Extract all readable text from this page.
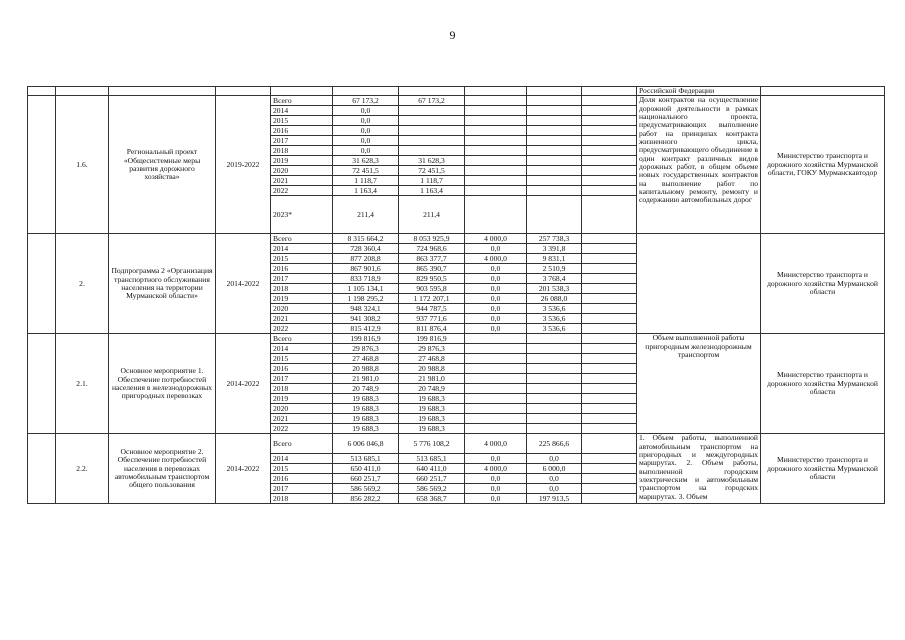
9
										Российской Федерации	
	1.6.	Региональный проект «Общесистемные меры развития дорожного хозяйства»	2019-2022	Всего	67 173,2	67 173,2				Доля контрактов на осуществление дорожной деятельности в рамках национального проекта, предусматривающих выполнение работ на принципах контракта жизненного цикла, предусматривающего объединение в один контракт различных видов дорожных работ, в общем объеме новых государственных контрактов на выполнение работ по капитальному ремонту, ремонту и содержанию автомобильных дорог	Министерство транспорта и дорожного хозяйства Мурманской области, ГОКУ Мурманскавтодор
				2014	0,0						
				2015	0,0						
				2016	0,0						
				2017	0,0						
				2018	0,0						
				2019	31 628,3	31 628,3					
				2020	72 451,5	72 451,5					
				2021	1 118,7	1 118,7					
				2022	1 163,4	1 163,4					
				2023*	211,4	211,4					
	2.	Подпрограмма 2 «Организация транспортного обслуживания населения на территории Мурманской области»	2014-2022	Всего	8 315 664,2	8 053 925,9	4 000,0	257 738,3			Министерство транспорта и дорожного хозяйства Мурманской области
				2014	728 360,4	724 968,6	0,0	3 391,8			
				2015	877 208,8	863 377,7	4 000,0	9 831,1			
				2016	867 901,6	865 390,7	0,0	2 510,9			
				2017	833 718,9	829 950,5	0,0	3 768,4			
				2018	1 105 134,1	903 595,8	0,0	201 538,3			
				2019	1 198 295,2	1 172 207,1	0,0	26 088,0			
				2020	948 324,1	944 787,5	0,0	3 536,6			
				2021	941 308,2	937 771,6	0,0	3 536,6			
				2022	815 412,9	811 876,4	0,0	3 536,6			
	2.1.	Основное мероприятие 1. Обеспечение потребностей населения в железнодорожных пригородных перевозках	2014-2022	Всего	199 816,9	199 816,9				Объем выполненной работы пригородным железнодорожным транспортом	Министерство транспорта и дорожного хозяйства Мурманской области
				2014	29 876,3	29 876,3					
				2015	27 468,8	27 468,8					
				2016	20 988,8	20 988,8					
				2017	21 981,0	21 981,0					
				2018	20 748,9	20 748,9					
				2019	19 688,3	19 688,3					
				2020	19 688,3	19 688,3					
				2021	19 688,3	19 688,3					
				2022	19 688,3	19 688,3					
	2.2.	Основное мероприятие 2. Обеспечение потребностей населения в перевозках автомобильным транспортом общего пользования	2014-2022	Всего	6 006 046,8	5 776 108,2	4 000,0	225 866,6		1. Объем работы, выполненной автомобильным транспортом на пригородных и междугородных маршрутах. 2. Объем работы, выполненной городским электрическим и автомобильным транспортом на городских маршрутах. 3. Объем	Министерство транспорта и дорожного хозяйства Мурманской области
				2014	513 685,1	513 685,1	0,0	0,0			
				2015	650 411,0	640 411,0	4 000,0	6 000,0			
				2016	660 251,7	660 251,7	0,0	0,0			
				2017	586 569,2	586 569,2	0,0	0,0			
				2018	856 282,2	658 368,7	0,0	197 913,5			
